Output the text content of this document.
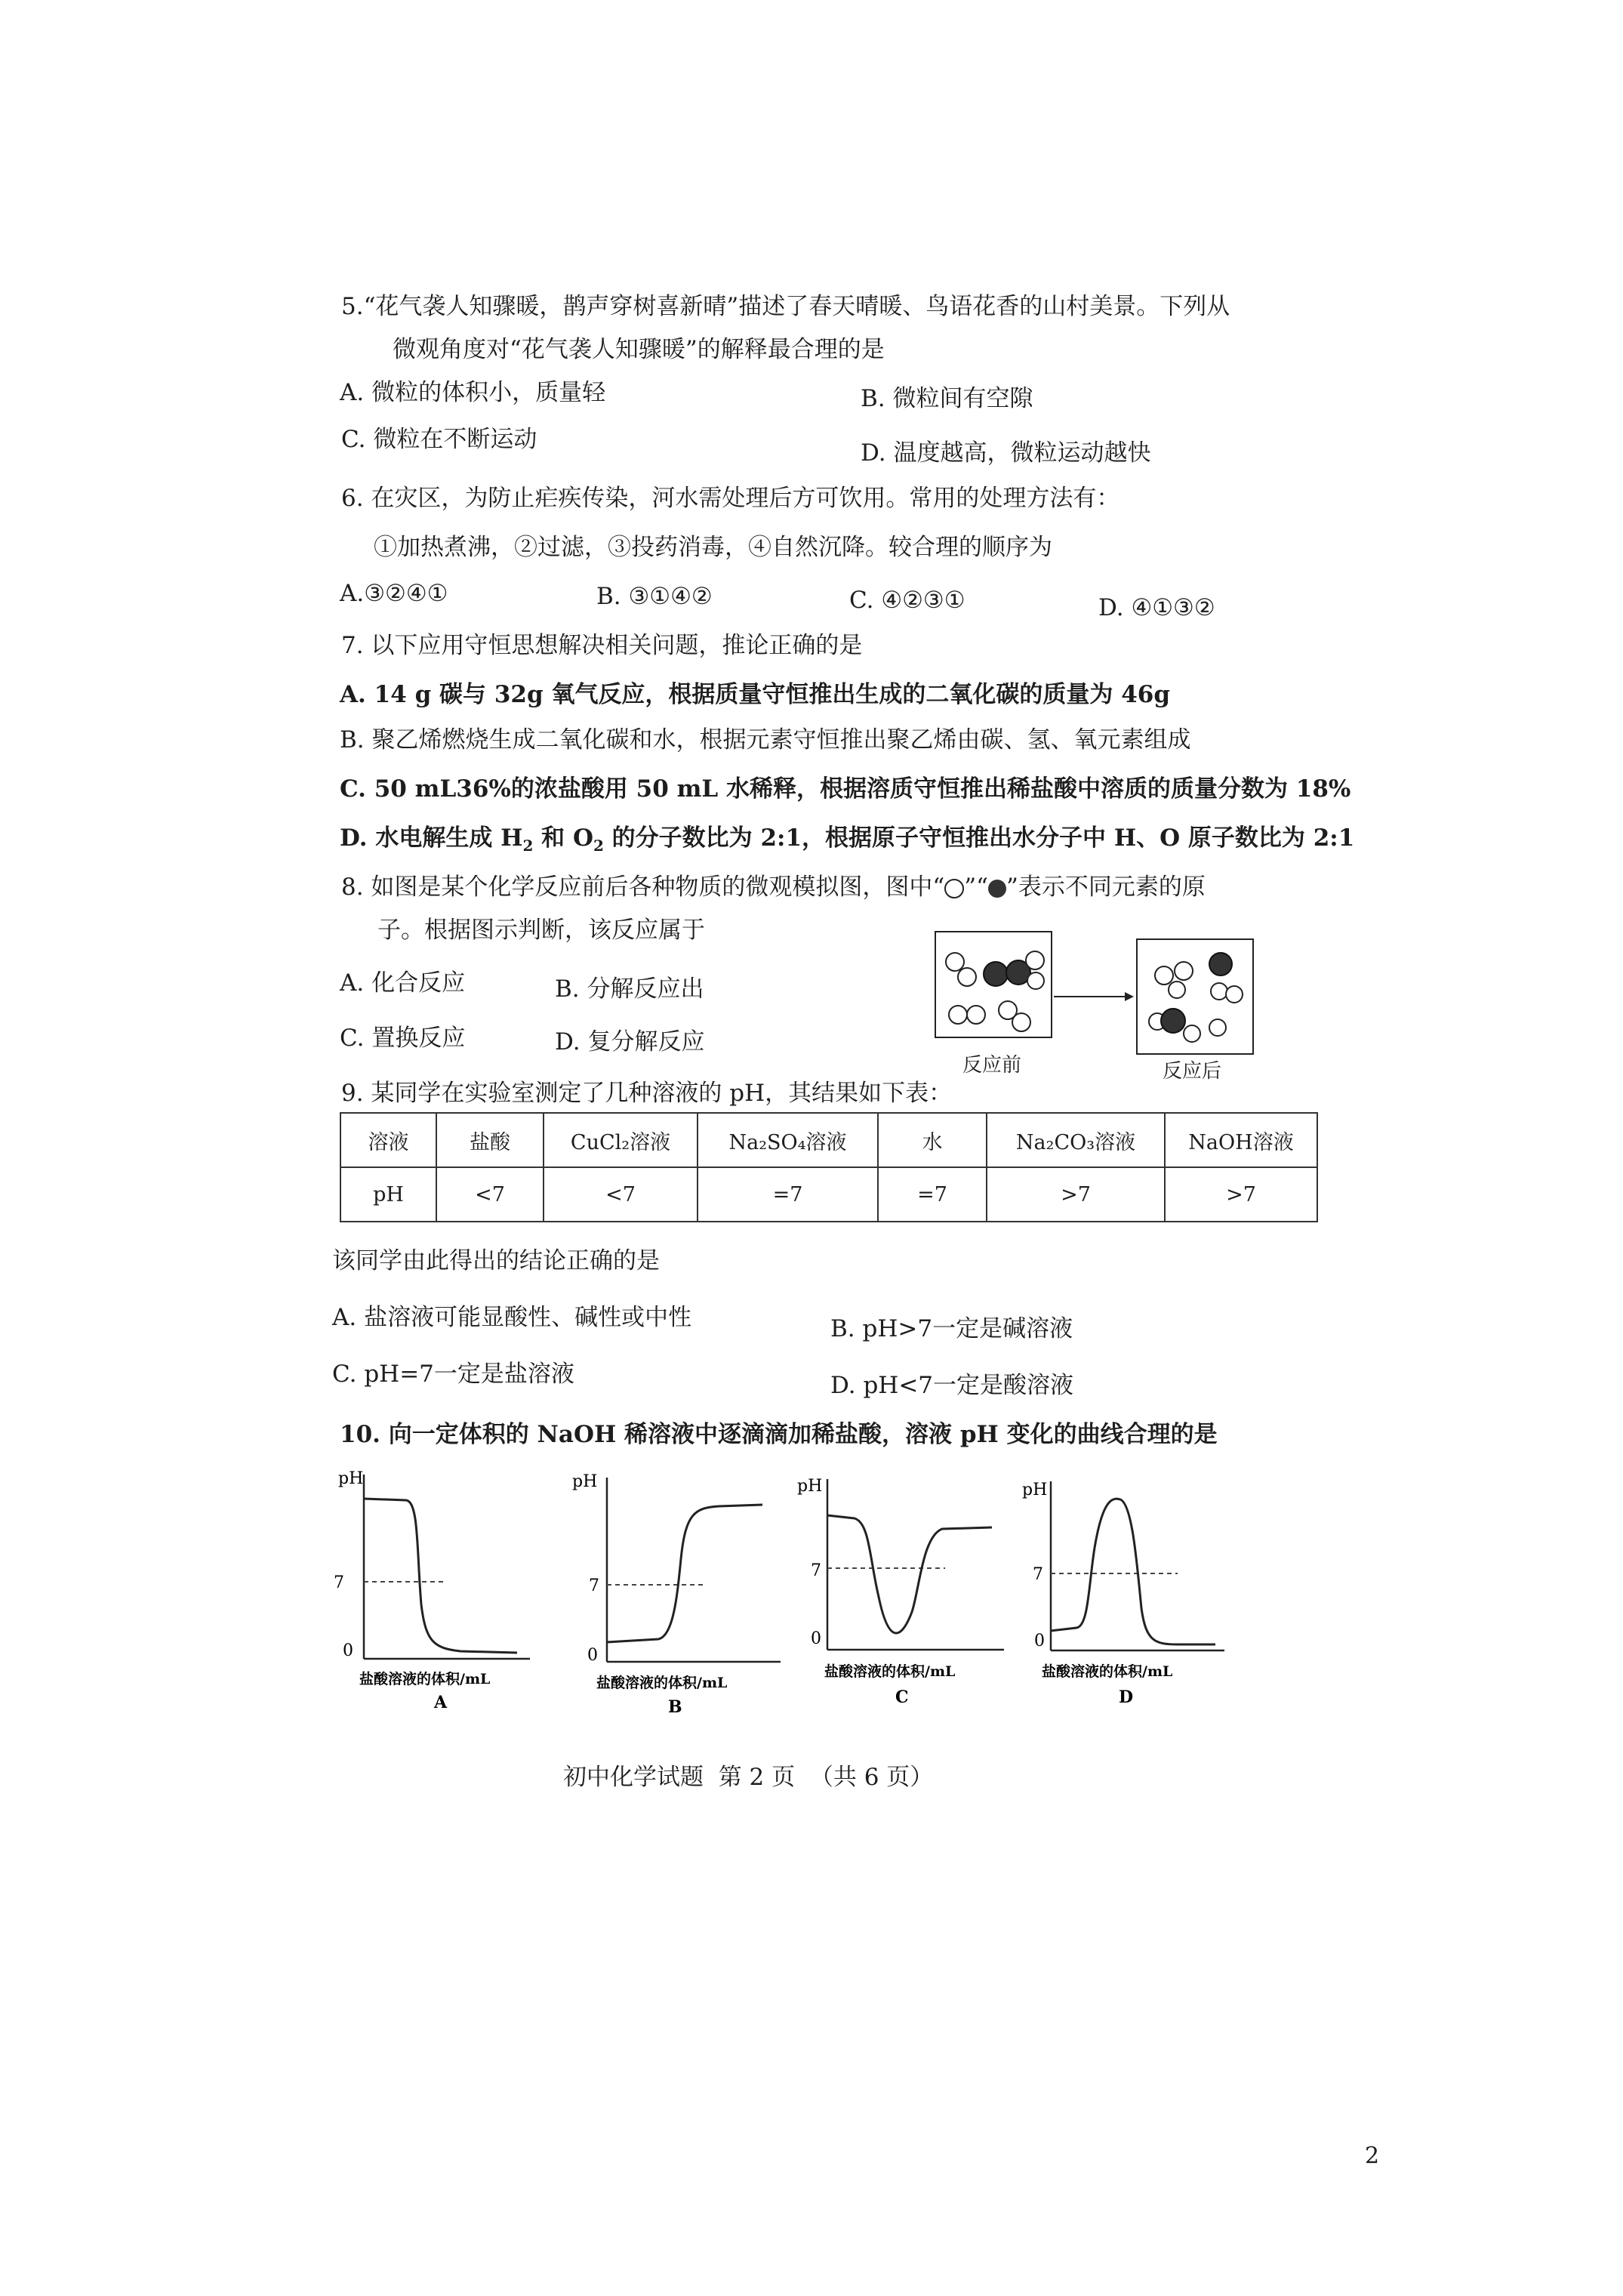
5.“花气袭人知骤暖，鹊声穿树喜新晴”描述了春天晴暖、鸟语花香的山村美景。下列从
微观角度对“花气袭人知骤暖”的解释最合理的是
A. 微粒的体积小，质量轻	B. 微粒间有空隙
C. 微粒在不断运动	D. 温度越高，微粒运动越快
6. 在灾区，为防止疟疾传染，河水需处理后方可饮用。常用的处理方法有：
①加热煮沸，②过滤，③投药消毒，④自然沉降。较合理的顺序为
A.③②④①	B. ③①④②	C. ④②③①	D. ④①③②
7. 以下应用守恒思想解决相关问题，推论正确的是
A. 14 g 碳与 32g 氧气反应，根据质量守恒推出生成的二氧化碳的质量为 46g
B. 聚乙烯燃烧生成二氧化碳和水，根据元素守恒推出聚乙烯由碳、氢、氧元素组成
C. 50 mL36%的浓盐酸用 50 mL 水稀释，根据溶质守恒推出稀盐酸中溶质的质量分数为 18%
D. 水电解生成 $H_2$ 和 $O_2$ 的分子数比为 2:1，根据原子守恒推出水分子中 H、O 原子数比为 2:1
8. 如图是某个化学反应前后各种物质的微观模拟图，图中“ ”“ ”表示不同元素的原
子。根据图示判断，该反应属于
A. 化合反应	B. 分解反应出
C. 置换反应	D. 复分解反应
反应前	反应后
9. 某同学在实验室测定了几种溶液的 pH，其结果如下表：
溶液	盐酸	CuCl₂溶液	Na₂SO₄溶液	水	Na₂CO₃溶液	NaOH溶液
pH	<7	<7	=7	=7	>7	>7
该同学由此得出的结论正确的是
A. 盐溶液可能显酸性、碱性或中性	B. pH>7一定是碱溶液
C. pH=7一定是盐溶液	D. pH<7一定是酸溶液
10. 向一定体积的 NaOH 稀溶液中逐滴滴加稀盐酸，溶液 pH 变化的曲线合理的是
pH
7
0
盐酸溶液的体积/mL
A
pH
7
0
盐酸溶液的体积/mL
B
pH
7
0
盐酸溶液的体积/mL
C
pH
7
0
盐酸溶液的体积/mL
D
初中化学试题  第 2 页  （共 6 页）
2
